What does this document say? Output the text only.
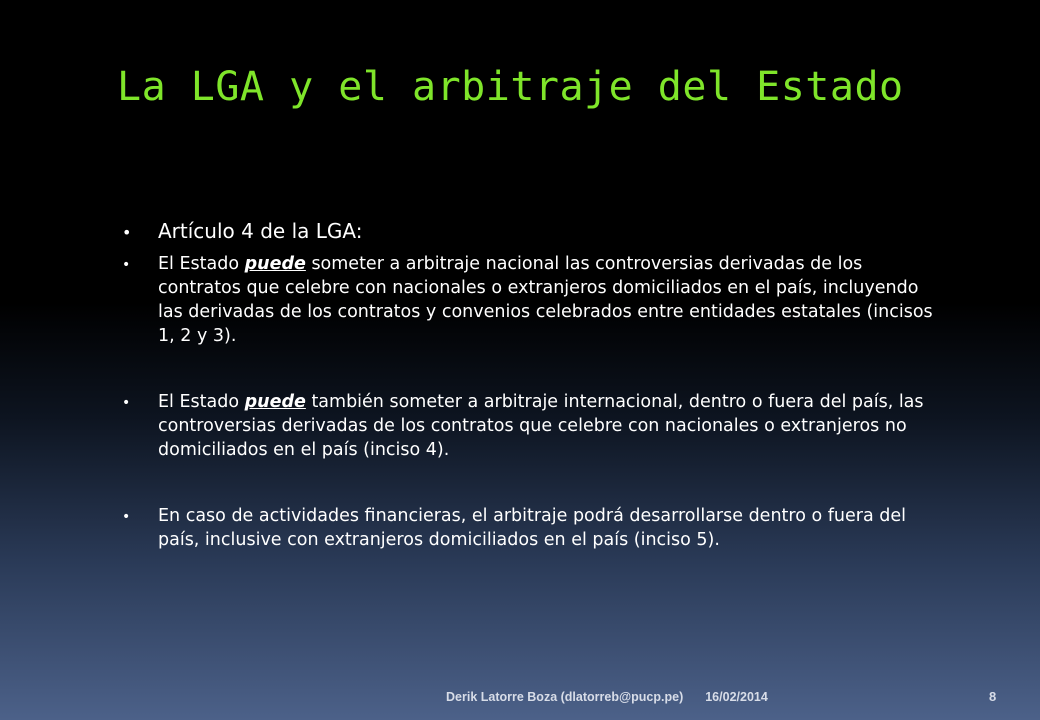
La LGA y el arbitraje del Estado
• Artículo 4 de la LGA:
• El Estado puede someter a arbitraje nacional las controversias derivadas de los contratos que celebre con nacionales o extranjeros domiciliados en el país, incluyendo las derivadas de los contratos y convenios celebrados entre entidades estatales (incisos 1, 2 y 3).
• El Estado puede también someter a arbitraje internacional, dentro o fuera del país, las controversias derivadas de los contratos que celebre con nacionales o extranjeros no domiciliados en el país (inciso 4).
• En caso de actividades financieras, el arbitraje podrá desarrollarse dentro o fuera del país, inclusive con extranjeros domiciliados en el país (inciso 5).
Derik Latorre Boza (dlatorreb@pucp.pe) 16/02/2014	8
